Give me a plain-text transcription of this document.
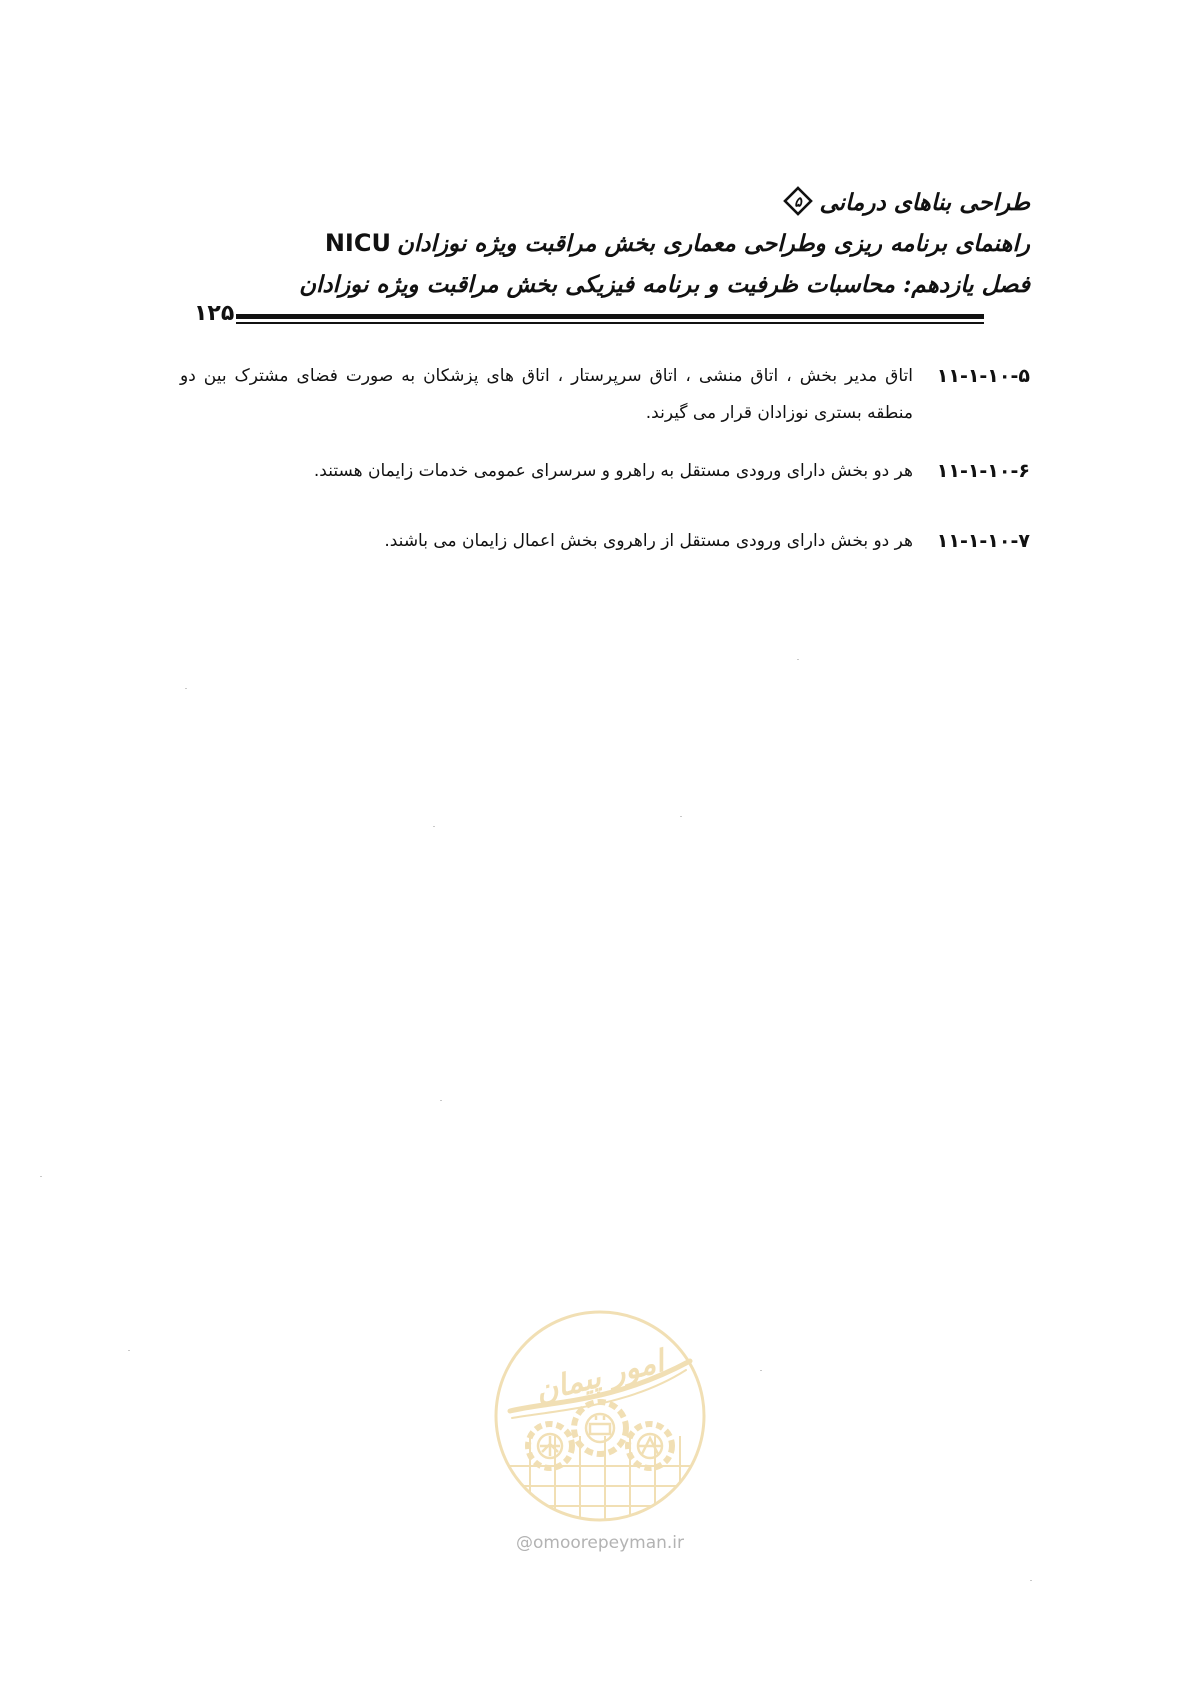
طراحی بناهای درمانی
۵
راهنمای برنامه ریزی وطراحی معماری بخش مراقبت ویژه نوزادانNICU
فصل یازدهم: محاسبات ظرفیت و برنامه فیزیکی بخش مراقبت ویژه نوزادان
۱۲۵
۱۱-۱-۱۰-۵
اتاق مدیر بخش ، اتاق منشی ، اتاق سرپرستار ، اتاق های پزشکان به صورت فضای مشترک بین دو منطقه بستری نوزادان قرار می گیرند.
۱۱-۱-۱۰-۶
هر دو بخش دارای ورودی مستقل به راهرو و سرسرای عمومی خدمات زایمان هستند.
۱۱-۱-۱۰-۷
هر دو بخش دارای ورودی مستقل از راهروی بخش اعمال زایمان می باشند.
امور پیمان
@omoorepeyman.ir
